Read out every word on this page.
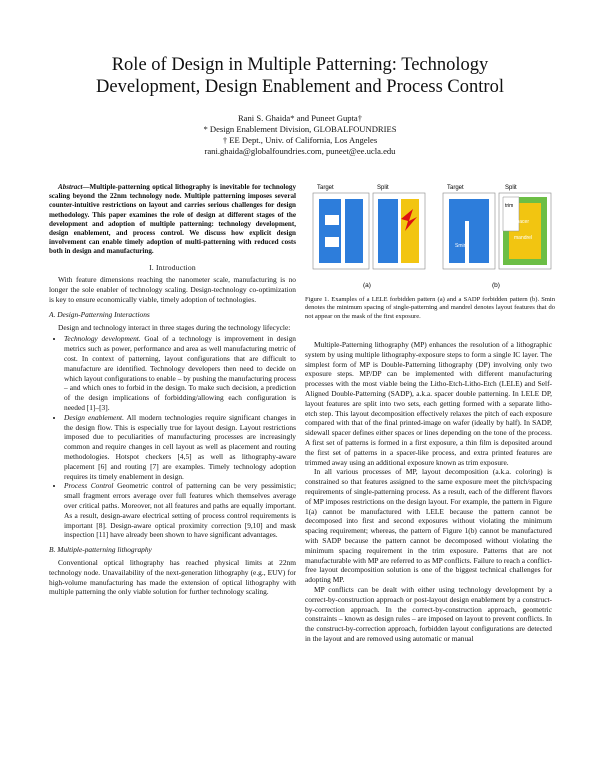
Role of Design in Multiple Patterning: Technology
Development, Design Enablement and Process Control
Rani S. Ghaida* and Puneet Gupta†
* Design Enablement Division, GLOBALFOUNDRIES
† EE Dept., Univ. of California, Los Angeles
rani.ghaida@globalfoundries.com, puneet@ee.ucla.edu

Abstract—Multiple-patterning optical lithography is inevitable for technology scaling beyond the 22nm technology node. Multiple patterning imposes several counter-intuitive restrictions on layout and carries serious challenges for design methodology. This paper examines the role of design at different stages of the development and adoption of multiple patterning: technology development, design enablement, and process control. We discuss how explicit design involvement can enable timely adoption of multi-patterning with reduced costs both in design and manufacturing.

I. Introduction

With feature dimensions reaching the nanometer scale, manufacturing is no longer the sole enabler of technology scaling. Design-technology co-optimization is key to ensure economically viable, timely adoption of technologies.

A. Design-Patterning Interactions

Design and technology interact in three stages during the technology lifecycle:

• Technology development. Goal of a technology is improvement in design metrics such as power, performance and area as well manufacturing metric of cost. In context of patterning, layout configurations that are difficult to manufacture are identified. Technology developers then need to decide on which layout configurations to enable – by pushing the manufacturing process – and which ones to forbid in the design. To make such decision, a prediction of the design implications of forbidding/allowing each configuration is needed [1]–[3].
• Design enablement. All modern technologies require significant changes in the design flow. This is especially true for layout design. Layout restrictions imposed due to peculiarities of manufacturing processes are increasingly common and require changes in cell layout as well as placement and routing methodologies. Hotspot checkers [4,5] as well as lithography-aware placement [6] and routing [7] are examples. Timely technology adoption requires its timely enablement in design.
• Process Control Geometric control of patterning can be very pessimistic; small fragment errors average over full features which themselves average over critical paths. Moreover, not all features and paths are equally important. As a result, design-aware electrical setting of process control requirements is important [8]. Design-aware optical proximity correction [9,10] and mask inspection [11] have already been shown to have significant advantages.
B. Multiple-patterning lithography

Conventional optical lithography has reached physical limits at 22nm technology node. Unavailability of the next-generation lithography (e.g., EUV) for high-volume manufacturing has made the extension of optical lithography with multiple patterning the only viable solution for further technology scaling.

Target
Smin
Smin
Split	Target
Smin
Split
trim
spacer
mandrel
(a)	(b)
Figure 1. Examples of a LELE forbidden pattern (a) and a SADP forbidden pattern (b). Smin denotes the minimum spacing of single-patterning and mandrel denotes layout features that do not appear on the mask of the first exposure.

Multiple-Patterning lithography (MP) enhances the resolution of a lithographic system by using multiple lithography-exposure steps to form a single IC layer. The simplest form of MP is Double-Patterning lithography (DP) involving only two exposure steps. MP/DP can be implemented with different manufacturing processes with the most viable being the Litho-Etch-Litho-Etch (LELE) and Self-Aligned Double-Patterning (SADP), a.k.a. spacer double patterning. In LELE DP, layout features are split into two sets, each getting formed with a separate litho-etch step. This layout decomposition effectively relaxes the pitch of each exposure compared with that of the final printed-image on wafer (ideally by half). In SADP, sidewall spacer defines either spaces or lines depending on the tone of the process. A first set of patterns is formed in a first exposure, a thin film is deposited around the first set of patterns in a spacer-like process, and extra printed features are trimmed away using an additional exposure known as trim exposure.

In all various processes of MP, layout decomposition (a.k.a. coloring) is constrained so that features assigned to the same exposure meet the pitch/spacing requirements of single-patterning process. As a result, each of the different flavors of MP imposes restrictions on the design layout. For example, the pattern in Figure 1(a) cannot be manufactured with LELE because the pattern cannot be decomposed into first and second exposures without violating the minimum spacing requirement; whereas, the pattern of Figure 1(b) cannot be manufactured with SADP because the pattern cannot be decomposed without violating the minimum spacing requirement in the trim exposure. Patterns that are not manufacturable with MP are referred to as MP conflicts. Failure to reach a conflict-free layout decomposition solution is one of the biggest technical challenges for adopting MP.

MP conflicts can be dealt with either using technology development by a correct-by-construction approach or post-layout design enablement by a construct-by-correction approach. In the correct-by-construction approach, geometric constraints – known as design rules – are imposed on layout to prevent conflicts. In the construct-by-correction approach, forbidden layout configurations are detected in the layout and are removed using automatic or manual
